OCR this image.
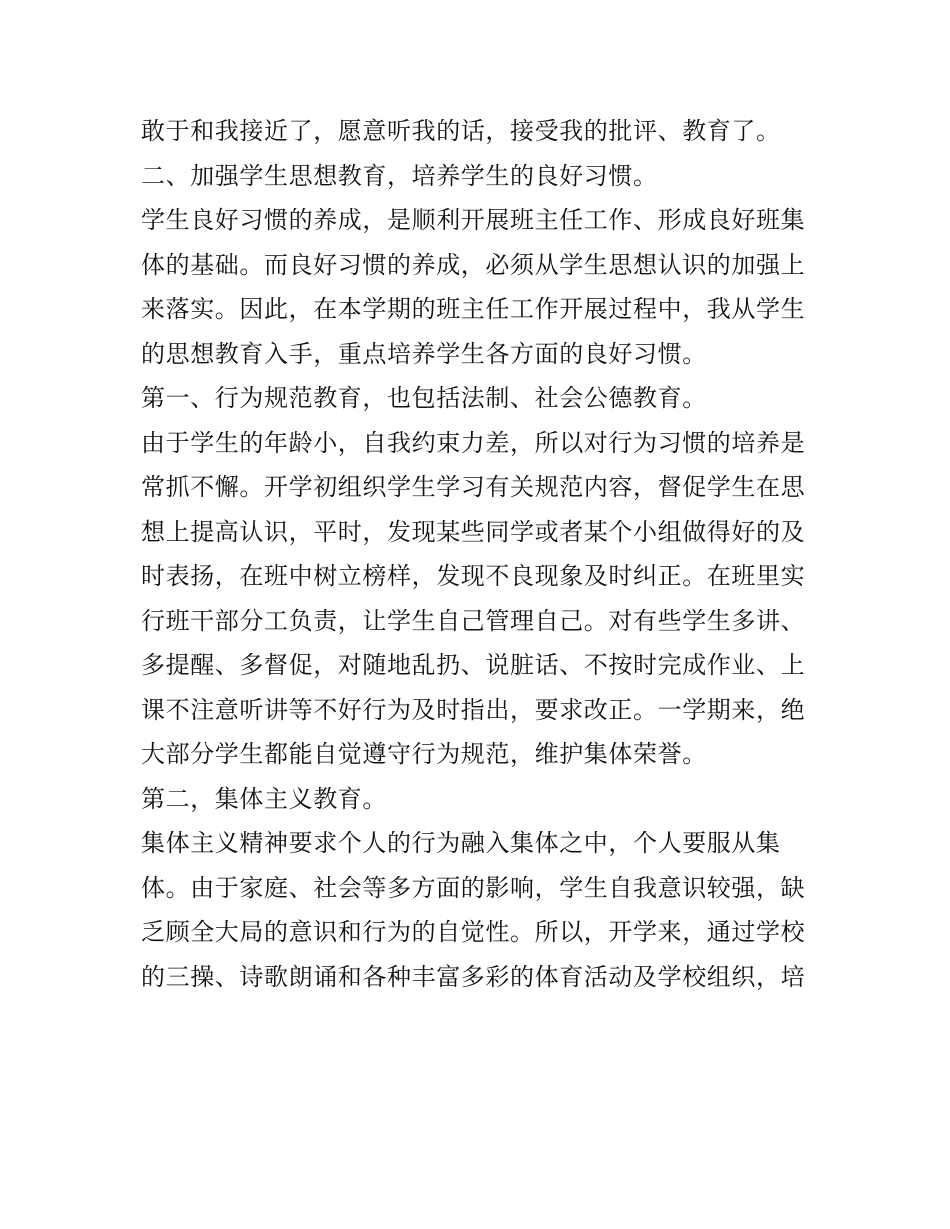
敢于和我接近了，愿意听我的话，接受我的批评、教育了。
二、加强学生思想教育，培养学生的良好习惯。
学生良好习惯的养成，是顺利开展班主任工作、形成良好班集
体的基础。而良好习惯的养成，必须从学生思想认识的加强上
来落实。因此，在本学期的班主任工作开展过程中，我从学生
的思想教育入手，重点培养学生各方面的良好习惯。
第一、行为规范教育，也包括法制、社会公德教育。
由于学生的年龄小，自我约束力差，所以对行为习惯的培养是
常抓不懈。开学初组织学生学习有关规范内容，督促学生在思
想上提高认识，平时，发现某些同学或者某个小组做得好的及
时表扬，在班中树立榜样，发现不良现象及时纠正。在班里实
行班干部分工负责，让学生自己管理自己。对有些学生多讲、
多提醒、多督促，对随地乱扔、说脏话、不按时完成作业、上
课不注意听讲等不好行为及时指出，要求改正。一学期来，绝
大部分学生都能自觉遵守行为规范，维护集体荣誉。
第二，集体主义教育。
集体主义精神要求个人的行为融入集体之中，个人要服从集
体。由于家庭、社会等多方面的影响，学生自我意识较强，缺
乏顾全大局的意识和行为的自觉性。所以，开学来，通过学校
的三操、诗歌朗诵和各种丰富多彩的体育活动及学校组织，培
